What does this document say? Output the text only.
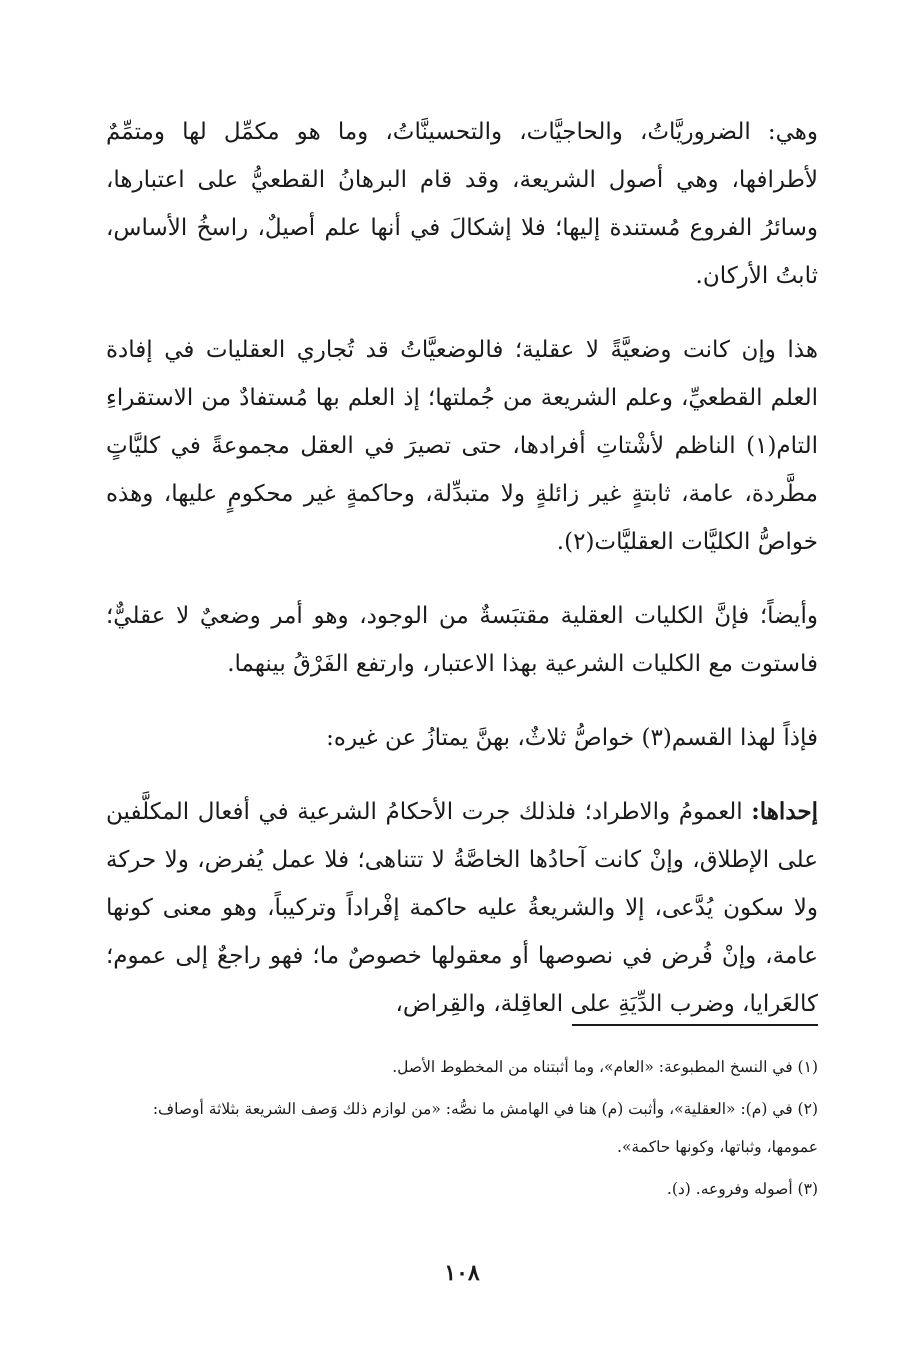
وهي: الضروريَّاتُ، والحاجيَّات، والتحسينَّاتُ، وما هو مكمِّل لها ومتمِّمٌ لأطرافها، وهي أصول الشريعة، وقد قام البرهانُ القطعيُّ على اعتبارها، وسائرُ الفروع مُستندة إليها؛ فلا إشكالَ في أنها علم أصيلٌ، راسخُ الأساس، ثابتُ الأركان.

هذا وإن كانت وضعيَّةً لا عقلية؛ فالوضعيَّاتُ قد تُجاري العقليات في إفادة العلم القطعيِّ، وعلم الشريعة من جُملتها؛ إذ العلم بها مُستفادٌ من الاستقراءِ التام(١) الناظم لأشْتاتِ أفرادها، حتى تصيرَ في العقل مجموعةً في كليَّاتٍ مطَّردة، عامة، ثابتةٍ غير زائلةٍ ولا متبدِّلة، وحاكمةٍ غير محكومٍ عليها، وهذه خواصُّ الكليَّات العقليَّات(٢).

وأيضاً؛ فإنَّ الكليات العقلية مقتبَسةٌ من الوجود، وهو أمر وضعيٌ لا عقليٌّ؛ فاستوت مع الكليات الشرعية بهذا الاعتبار، وارتفع الفَرْقُ بينهما.

فإذاً لهذا القسم(٣) خواصُّ ثلاثٌ، بهنَّ يمتازُ عن غيره:

إحداها: العمومُ والاطراد؛ فلذلك جرت الأحكامُ الشرعية في أفعال المكلَّفين على الإطلاق، وإنْ كانت آحادُها الخاصَّةُ لا تتناهى؛ فلا عمل يُفرض، ولا حركة ولا سكون يُدَّعى، إلا والشريعةُ عليه حاكمة إفْراداً وتركيباً، وهو معنى كونها عامة، وإنْ فُرض في نصوصها أو معقولها خصوصٌ ما؛ فهو راجعٌ إلى عموم؛ كالعَرايا، وضرب الدِّيَةِ على العاقِلة، والقِراض،

(١) في النسخ المطبوعة: «العام»، وما أثبتناه من المخطوط الأصل.

(٢) في (م): «العقلية»، وأثبت (م) هنا في الهامش ما نصُّه: «من لوازم ذلك وَصف الشريعة بثلاثة أوصاف: عمومها، وثباتها، وكونها حاكمة».

(٣) أصوله وفروعه. (د).

١٠٨
